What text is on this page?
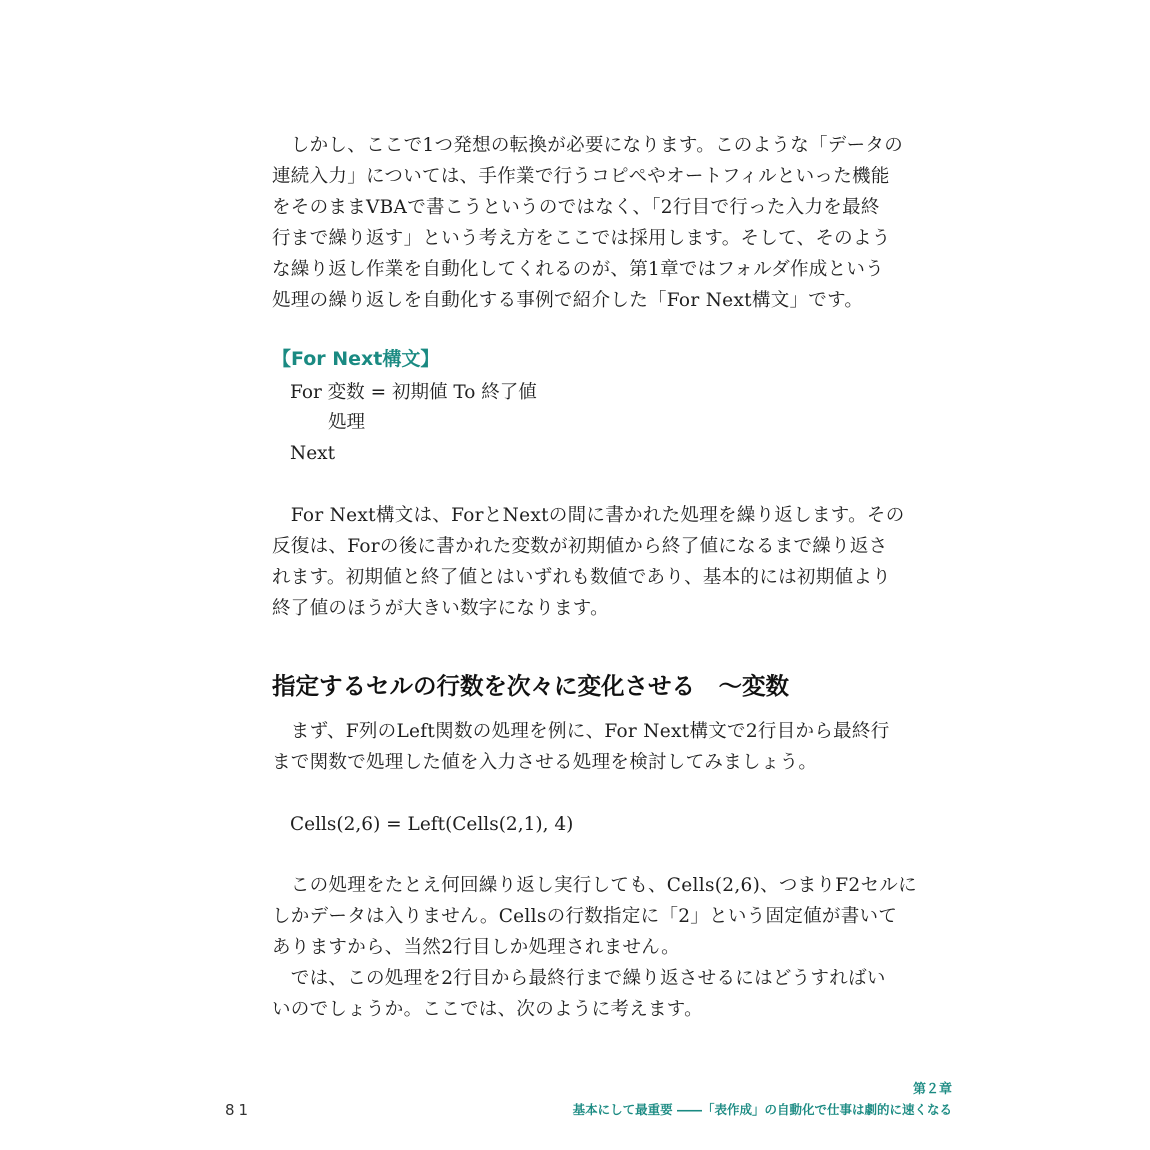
　しかし、ここで1つ発想の転換が必要になります。このような「データの
連続入力」については、手作業で行うコピペやオートフィルといった機能
をそのままVBAで書こうというのではなく、「2行目で行った入力を最終
行まで繰り返す」という考え方をここでは採用します。そして、そのよう
な繰り返し作業を自動化してくれるのが、第1章ではフォルダ作成という
処理の繰り返しを自動化する事例で紹介した「For Next構文」です。

【For Next構文】

For 変数 = 初期値 To 終了値

処理

Next

　For Next構文は、ForとNextの間に書かれた処理を繰り返します。その
反復は、Forの後に書かれた変数が初期値から終了値になるまで繰り返さ
れます。初期値と終了値とはいずれも数値であり、基本的には初期値より
終了値のほうが大きい数字になります。
指定するセルの行数を次々に変化させる　～変数
　まず、F列のLeft関数の処理を例に、For Next構文で2行目から最終行
まで関数で処理した値を入力させる処理を検討してみましょう。

Cells(2,6) = Left(Cells(2,1), 4)

　この処理をたとえ何回繰り返し実行しても、Cells(2,6)、つまりF2セルに
しかデータは入りません。Cellsの行数指定に「2」という固定値が書いて
ありますから、当然2行目しか処理されません。
　では、この処理を2行目から最終行まで繰り返させるにはどうすればい
いのでしょうか。ここでは、次のように考えます。

81

第２章

基本にして最重要 ――「表作成」の自動化で仕事は劇的に速くなる
